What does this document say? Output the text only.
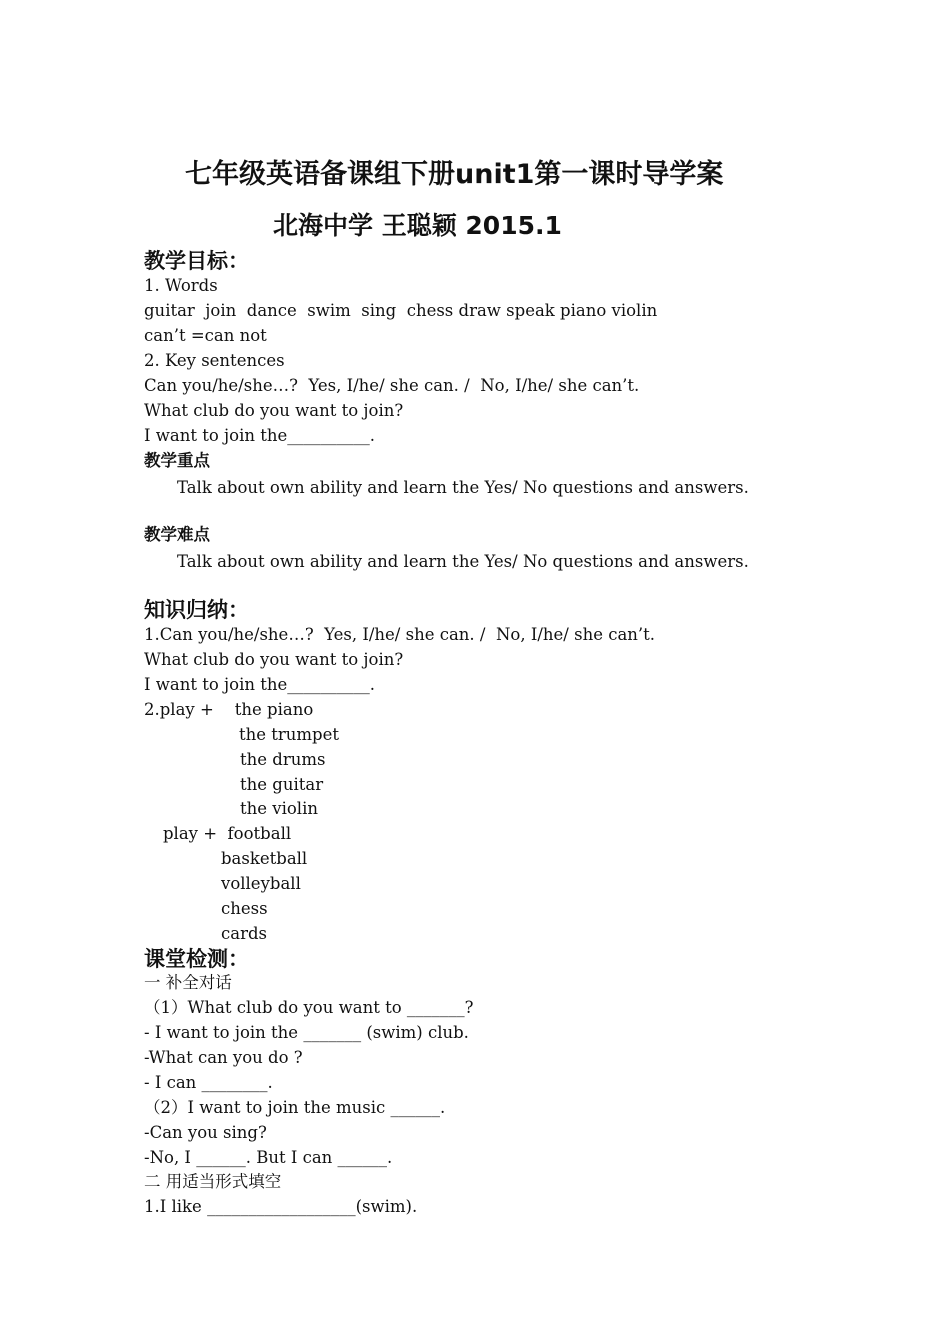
七年级英语备课组下册unit1第一课时导学案
北海中学 王聪颖 2015.1
教学目标：
1. Words
guitar  join  dance  swim  sing  chess draw speak piano violin
can’t =can not
2. Key sentences
Can you/he/she…?  Yes, I/he/ she can. /  No, I/he/ she can’t.
What club do you want to join?
I want to join the__________.
教学重点
Talk about own ability and learn the Yes/ No questions and answers.
教学难点
Talk about own ability and learn the Yes/ No questions and answers.
知识归纳：
1.Can you/he/she…?  Yes, I/he/ she can. /  No, I/he/ she can’t.
What club do you want to join?
I want to join the__________.
2.play +    the piano
the trumpet
the drums
the guitar
the violin
play +  football
basketball
volleyball
chess
cards
课堂检测：
一 补全对话
（1）What club do you want to _______?
- I want to join the _______ (swim) club.
-What can you do ?
- I can ________.
（2）I want to join the music ______.
-Can you sing?
-No, I ______. But I can ______.
二 用适当形式填空
1.I like __________________(swim).
